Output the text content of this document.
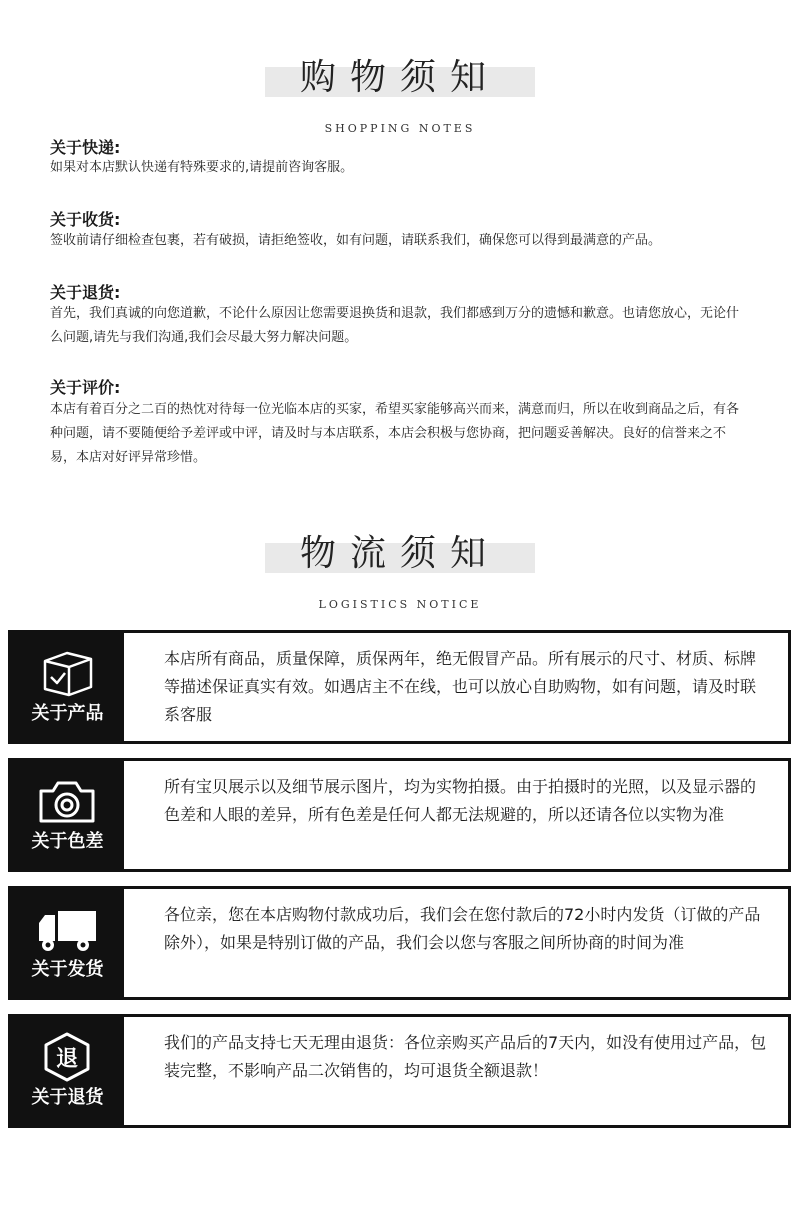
购物须知
SHOPPING NOTES
关于快递:
如果对本店默认快递有特殊要求的,请提前咨询客服。
关于收货:
签收前请仔细检查包裹，若有破损，请拒绝签收，如有问题，请联系我们，确保您可以得到最满意的产品。
关于退货:
首先，我们真诚的向您道歉，不论什么原因让您需要退换货和退款，我们都感到万分的遗憾和歉意。也请您放心，无论什么问题,请先与我们沟通,我们会尽最大努力解决问题。
关于评价:
本店有着百分之二百的热忱对待每一位光临本店的买家，希望买家能够高兴而来，满意而归，所以在收到商品之后，有各种问题，请不要随便给予差评或中评，请及时与本店联系，本店会积极与您协商，把问题妥善解决。良好的信誉来之不易，本店对好评异常珍惜。
物流须知
LOGISTICS NOTICE
关于产品
本店所有商品，质量保障，质保两年，绝无假冒产品。所有展示的尺寸、材质、标牌等描述保证真实有效。如遇店主不在线，也可以放心自助购物，如有问题，请及时联系客服
关于色差
所有宝贝展示以及细节展示图片，均为实物拍摄。由于拍摄时的光照，以及显示器的色差和人眼的差异，所有色差是任何人都无法规避的，所以还请各位以实物为准
关于发货
各位亲，您在本店购物付款成功后，我们会在您付款后的72小时内发货（订做的产品除外），如果是特别订做的产品，我们会以您与客服之间所协商的时间为准
退
关于退货
我们的产品支持七天无理由退货：各位亲购买产品后的7天内，如没有使用过产品，包装完整，不影响产品二次销售的，均可退货全额退款！
